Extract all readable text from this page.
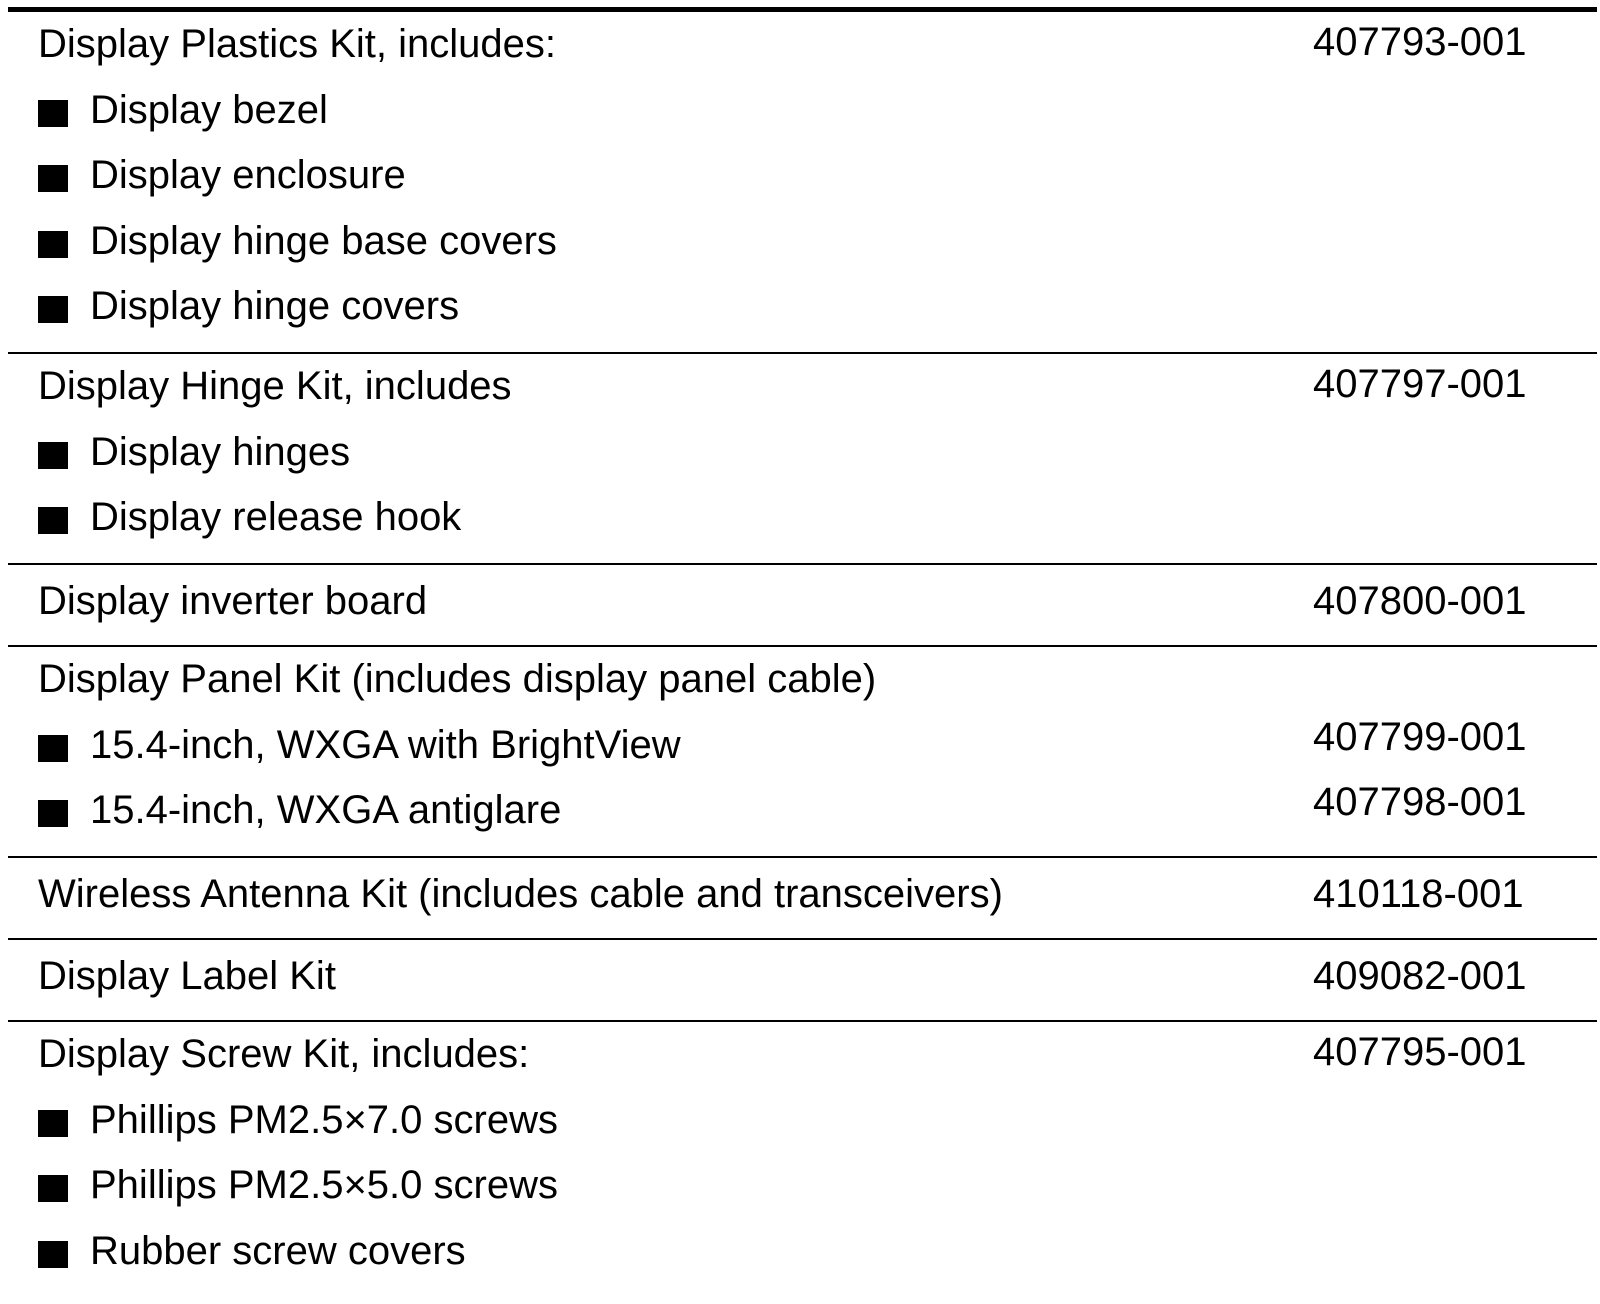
Display Plastics Kit, includes:	407793-001
Display bezel
Display enclosure
Display hinge base covers
Display hinge covers
Display Hinge Kit, includes	407797-001
Display hinges
Display release hook
Display inverter board	407800-001
Display Panel Kit (includes display panel cable)
15.4-inch, WXGA with BrightView	407799-001
15.4-inch, WXGA antiglare	407798-001
Wireless Antenna Kit (includes cable and transceivers)	410118-001
Display Label Kit	409082-001
Display Screw Kit, includes:	407795-001
Phillips PM2.5×7.0 screws
Phillips PM2.5×5.0 screws
Rubber screw covers
